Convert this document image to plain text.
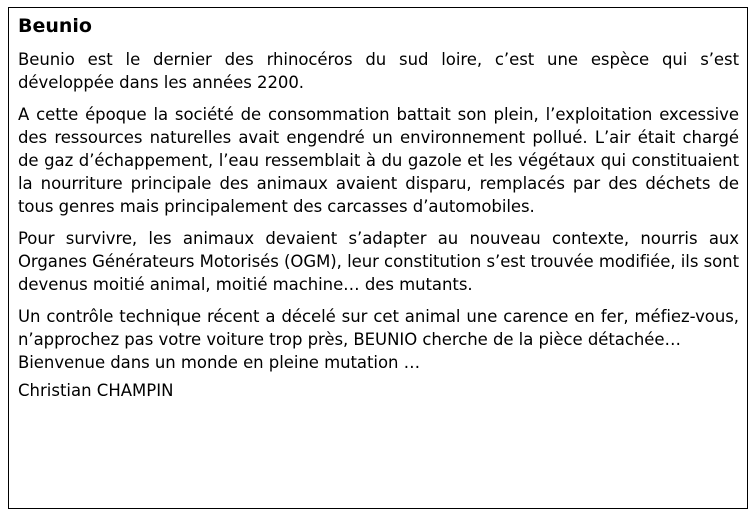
Beunio

Beunio est le dernier des rhinocéros du sud loire, c’est une espèce qui s’est développée dans les années 2200.

A cette époque la société de consommation battait son plein, l’exploitation excessive des ressources naturelles avait engendré un environnement pollué. L’air était chargé de gaz d’échappement, l’eau ressemblait à du gazole et les végétaux qui constituaient la nourriture principale des animaux avaient disparu, remplacés par des déchets de tous genres mais principalement des carcasses d’automobiles.

Pour survivre, les animaux devaient s’adapter au nouveau contexte, nourris aux Organes Générateurs Motorisés (OGM), leur constitution s’est trouvée modifiée, ils sont devenus moitié animal, moitié machine… des mutants.

Un contrôle technique récent a décelé sur cet animal une carence en fer, méfiez-vous, n’approchez pas votre voiture trop près, BEUNIO cherche de la pièce détachée…
Bienvenue dans un monde en pleine mutation …

Christian CHAMPIN
